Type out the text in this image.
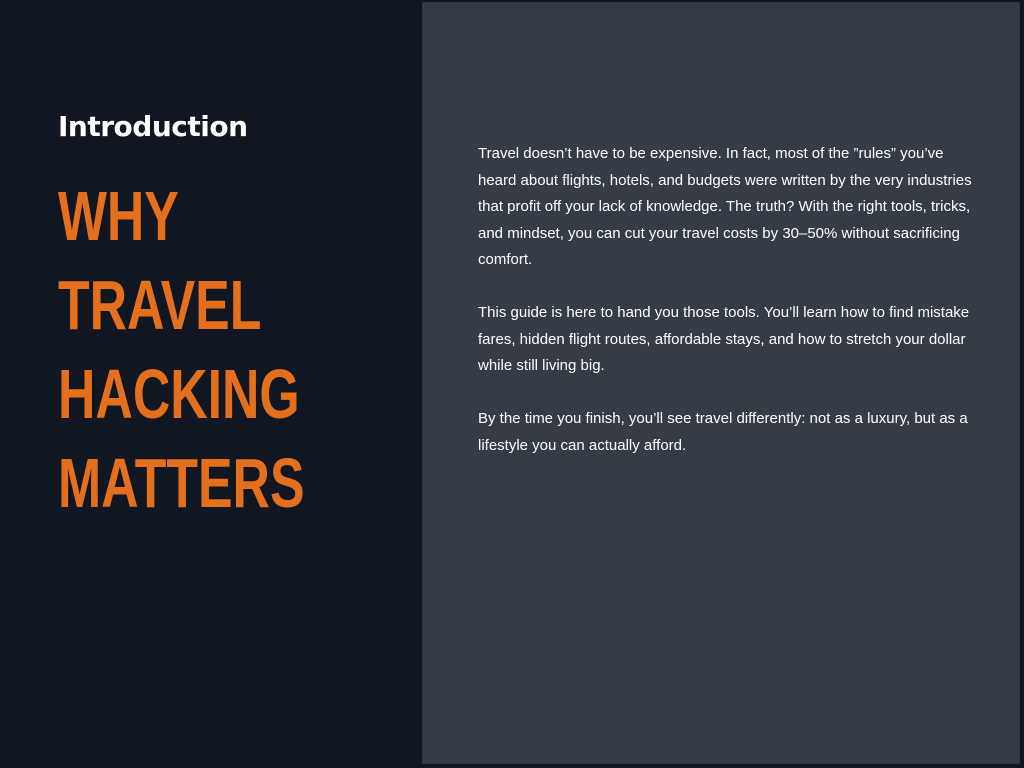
Introduction
WHY
TRAVEL
HACKING
MATTERS

Travel doesn’t have to be expensive. In fact, most of the ”rules” you’ve heard about flights, hotels, and budgets were written by the very industries that profit off your lack of knowledge. The truth? With the right tools, tricks, and mindset, you can cut your travel costs by 30–50% without sacrificing comfort.

This guide is here to hand you those tools. You’ll learn how to find mistake fares, hidden flight routes, affordable stays, and how to stretch your dollar while still living big.

By the time you finish, you’ll see travel differently: not as a luxury, but as a lifestyle you can actually afford.
